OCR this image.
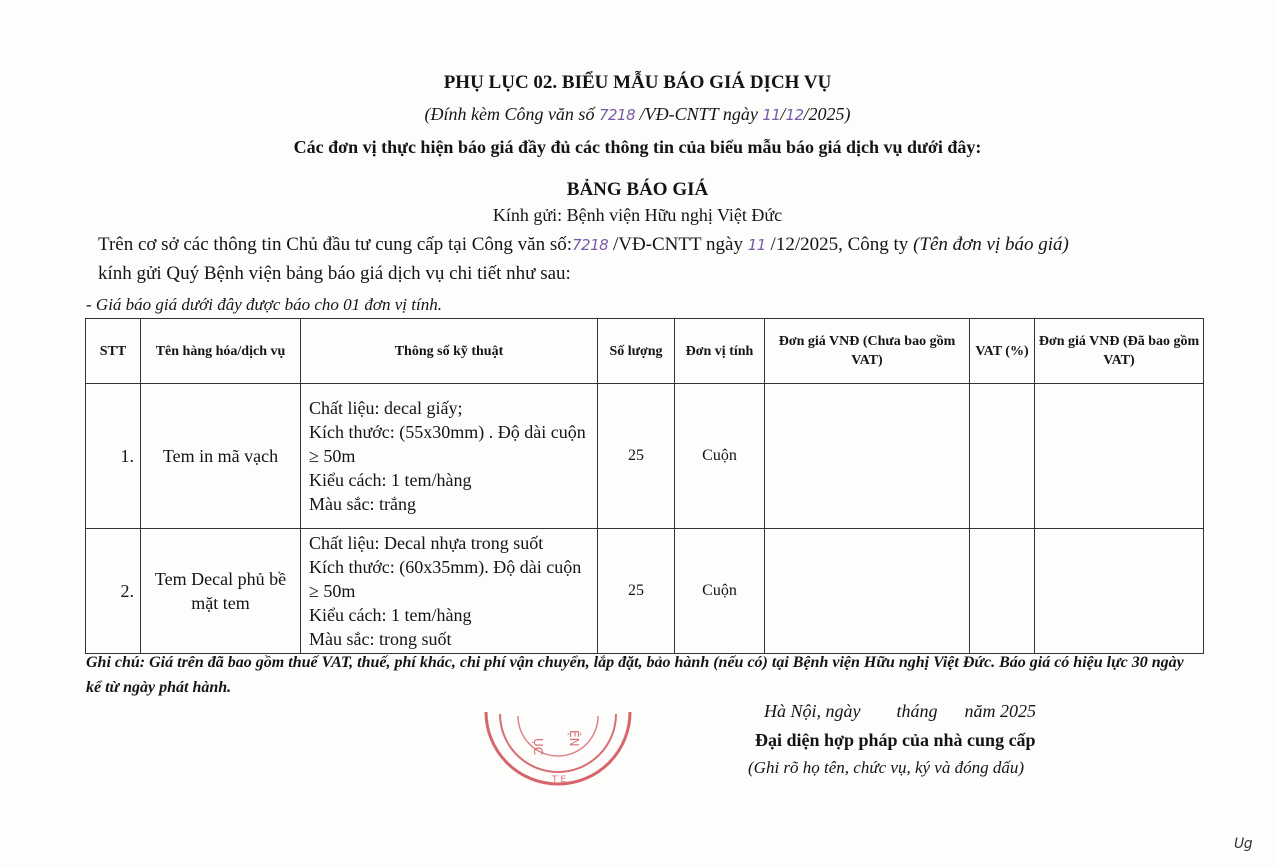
PHỤ LỤC 02. BIỂU MẪU BÁO GIÁ DỊCH VỤ
(Đính kèm Công văn số 7218 /VĐ-CNTT ngày 11/12/2025)
Các đơn vị thực hiện báo giá đầy đủ các thông tin của biểu mẫu báo giá dịch vụ dưới đây:
BẢNG BÁO GIÁ
Kính gửi: Bệnh viện Hữu nghị Việt Đức
Trên cơ sở các thông tin Chủ đầu tư cung cấp tại Công văn số:7218 /VĐ-CNTT ngày 11 /12/2025, Công ty (Tên đơn vị báo giá)
kính gửi Quý Bệnh viện bảng báo giá dịch vụ chi tiết như sau:
- Giá báo giá dưới đây được báo cho 01 đơn vị tính.
STT	Tên hàng hóa/dịch vụ	Thông số kỹ thuật	Số lượng	Đơn vị tính	Đơn giá VNĐ (Chưa bao gồm VAT)	VAT (%)	Đơn giá VNĐ (Đã bao gồm VAT)
1.	Tem in mã vạch	Chất liệu: decal giấy;
Kích thước: (55x30mm) . Độ dài cuộn ≥ 50m
Kiểu cách: 1 tem/hàng
Màu sắc: trắng	25	Cuộn			
2.	Tem Decal phủ bề mặt tem	Chất liệu: Decal nhựa trong suốt
Kích thước: (60x35mm). Độ dài cuộn ≥ 50m
Kiểu cách: 1 tem/hàng
Màu sắc: trong suốt	25	Cuộn			
Ghi chú: Giá trên đã bao gồm thuế VAT, thuế, phí khác, chi phí vận chuyển, lắp đặt, bảo hành (nếu có) tại Bệnh viện Hữu nghị Việt Đức. Báo giá có hiệu lực 30 ngày kể từ ngày phát hành.
Hà Nội, ngày        tháng      năm 2025
Đại diện hợp pháp của nhà cung cấp
(Ghi rõ họ tên, chức vụ, ký và đóng dấu)
ỤC ỆN
T E
Ug
